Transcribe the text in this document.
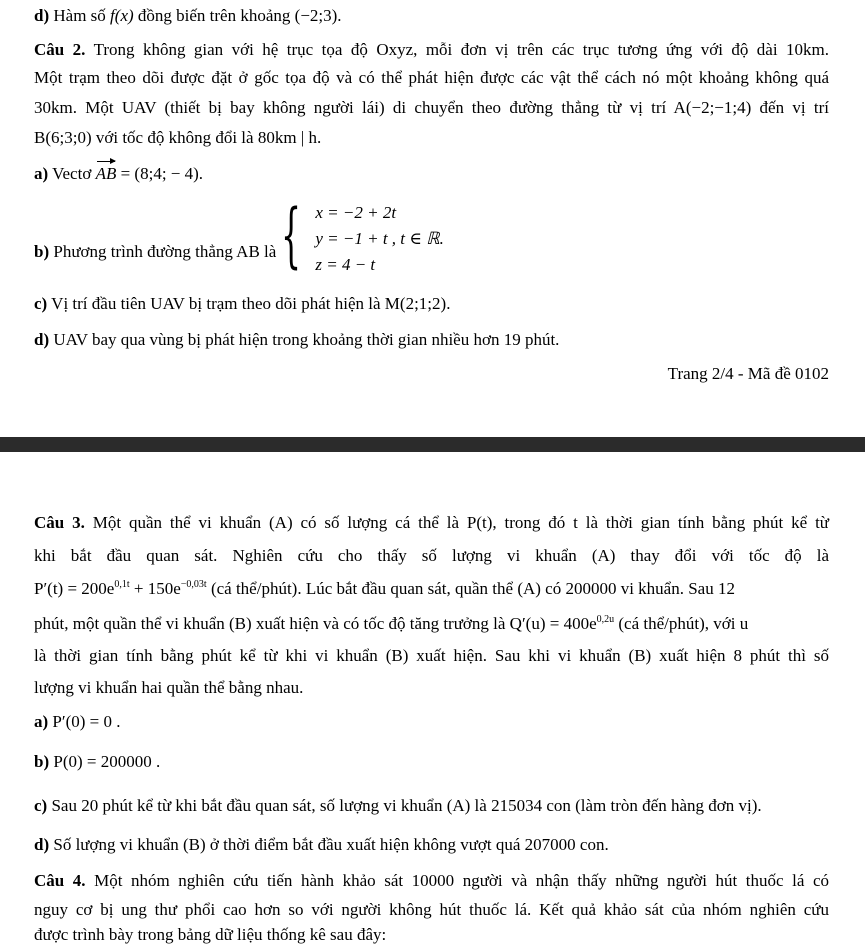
d) Hàm số f(x) đồng biến trên khoảng (−2;3).
Câu 2. Trong không gian với hệ trục tọa độ Oxyz, mỗi đơn vị trên các trục tương ứng với độ dài 10km.
Một trạm theo dõi được đặt ở gốc tọa độ và có thể phát hiện được các vật thể cách nó một khoảng không quá
30km. Một UAV (thiết bị bay không người lái) di chuyển theo đường thẳng từ vị trí A(−2;−1;4) đến vị trí
B(6;3;0) với tốc độ không đổi là 80km | h.
a) Vectơ AB = (8;4; − 4).
b) Phương trình đường thẳng AB là { x = −2 + 2t
y = −1 + t , t ∈ ℝ.
z = 4 − t
c) Vị trí đầu tiên UAV bị trạm theo dõi phát hiện là M(2;1;2).
d) UAV bay qua vùng bị phát hiện trong khoảng thời gian nhiều hơn 19 phút.
Trang 2/4 - Mã đề 0102
Câu 3. Một quần thể vi khuẩn (A) có số lượng cá thể là P(t), trong đó t là thời gian tính bằng phút kể từ
khi bắt đầu quan sát. Nghiên cứu cho thấy số lượng vi khuẩn (A) thay đổi với tốc độ là
$P'(t) = 200e^{0,1t} + 150e^{-0,03t}$ (cá thể/phút). Lúc bắt đầu quan sát, quần thể (A) có 200000 vi khuẩn. Sau 12
phút, một quần thể vi khuẩn (B) xuất hiện và có tốc độ tăng trưởng là $Q'(u) = 400e^{0,2u}$ (cá thể/phút), với u
là thời gian tính bằng phút kể từ khi vi khuẩn (B) xuất hiện. Sau khi vi khuẩn (B) xuất hiện 8 phút thì số
lượng vi khuẩn hai quần thể bằng nhau.
a) P′(0) = 0 .
b) P(0) = 200000 .
c) Sau 20 phút kể từ khi bắt đầu quan sát, số lượng vi khuẩn (A) là 215034 con (làm tròn đến hàng đơn vị).
d) Số lượng vi khuẩn (B) ở thời điểm bắt đầu xuất hiện không vượt quá 207000 con.
Câu 4. Một nhóm nghiên cứu tiến hành khảo sát 10000 người và nhận thấy những người hút thuốc lá có
nguy cơ bị ung thư phổi cao hơn so với người không hút thuốc lá. Kết quả khảo sát của nhóm nghiên cứu
được trình bày trong bảng dữ liệu thống kê sau đây:
